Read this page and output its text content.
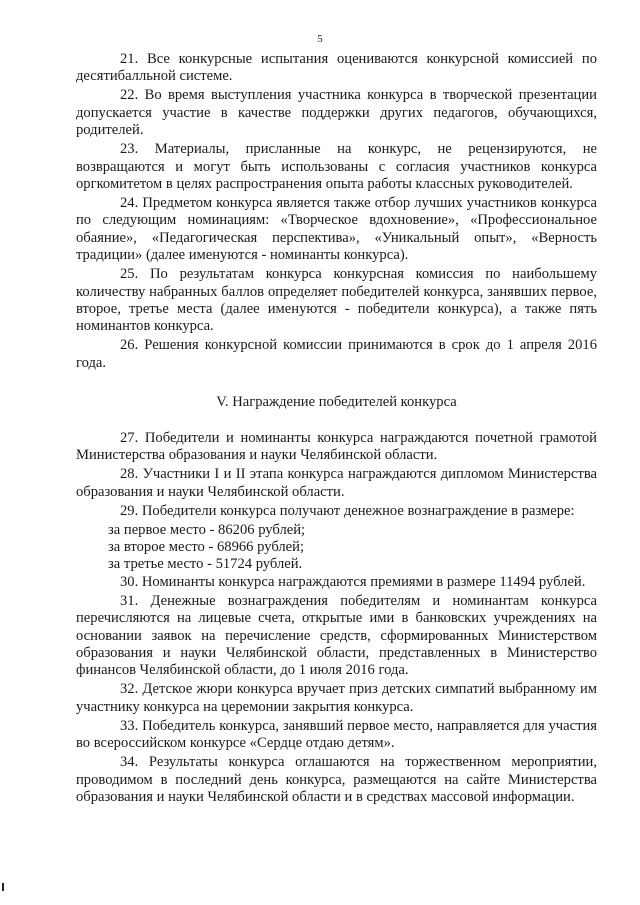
5

21. Все конкурсные испытания оцениваются конкурсной комиссией по десятибалльной системе.

22. Во время выступления участника конкурса в творческой презентации допускается участие в качестве поддержки других педагогов, обучающихся, родителей.

23. Материалы, присланные на конкурс, не рецензируются, не возвращаются и могут быть использованы с согласия участников конкурса оргкомитетом в целях распространения опыта работы классных руководителей.

24. Предметом конкурса является также отбор лучших участников конкурса по следующим номинациям: «Творческое вдохновение», «Профессиональное обаяние», «Педагогическая перспектива», «Уникальный опыт», «Верность традиции» (далее именуются - номинанты конкурса).

25. По результатам конкурса конкурсная комиссия по наибольшему количеству набранных баллов определяет победителей конкурса, занявших первое, второе, третье места (далее именуются - победители конкурса), а также пять номинантов конкурса.

26. Решения конкурсной комиссии принимаются в срок до 1 апреля 2016 года.

V. Награждение победителей конкурса

27. Победители и номинанты конкурса награждаются почетной грамотой Министерства образования и науки Челябинской области.

28. Участники I и II этапа конкурса награждаются дипломом Министерства образования и науки Челябинской области.

29. Победители конкурса получают денежное вознаграждение в размере:

за первое место - 86206 рублей;

за второе место - 68966 рублей;

за третье место - 51724 рублей.

30. Номинанты конкурса награждаются премиями в размере 11494 рублей.

31. Денежные вознаграждения победителям и номинантам конкурса перечисляются на лицевые счета, открытые ими в банковских учреждениях на основании заявок на перечисление средств, сформированных Министерством образования и науки Челябинской области, представленных в Министерство финансов Челябинской области, до 1 июля 2016 года.

32. Детское жюри конкурса вручает приз детских симпатий выбранному им участнику конкурса на церемонии закрытия конкурса.

33. Победитель конкурса, занявший первое место, направляется для участия во всероссийском конкурсе «Сердце отдаю детям».

34. Результаты конкурса оглашаются на торжественном мероприятии, проводимом в последний день конкурса, размещаются на сайте Министерства образования и науки Челябинской области и в средствах массовой информации.
